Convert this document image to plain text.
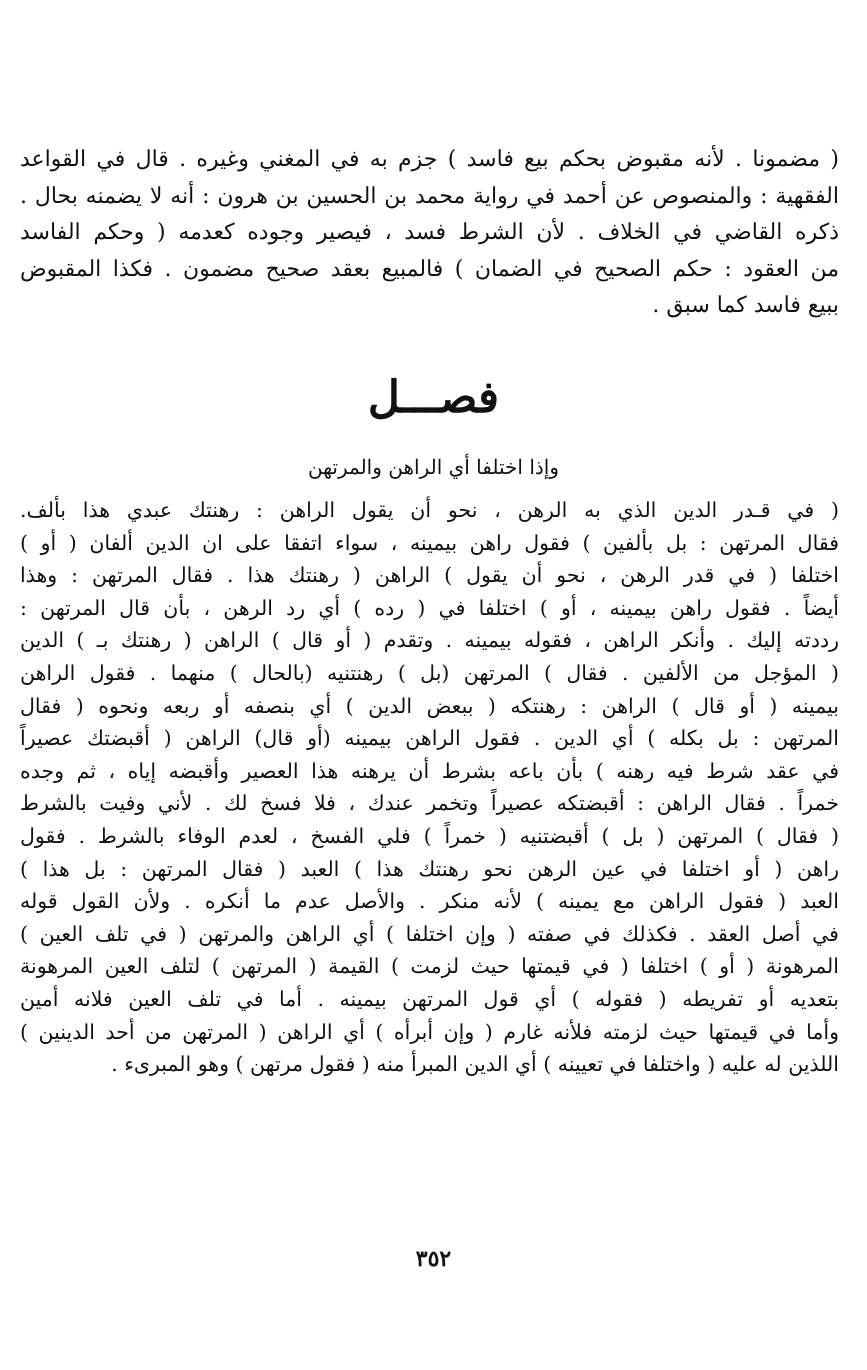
( مضمونا . لأنه مقبوض بحكم بيع فاسد ) جزم به في المغني وغيره . قال في القواعد
الفقهية : والمنصوص عن أحمد في رواية محمد بن الحسين بن هرون : أنه لا يضمنه بحال .
ذكره القاضي في الخلاف . لأن الشرط فسد ، فيصير وجوده كعدمه ( وحكم الفاسد
من العقود : حكم الصحيح في الضمان ) فالمبيع بعقد صحيح مضمون . فكذا المقبوض
ببيع فاسد كما سبق .
فصـــل
وإذا اختلفا أي الراهن والمرتهن
( في قـدر الدين الذي به الرهن ، نحو أن يقول الراهن : رهنتك عبدي هذا بألف.
فقال المرتهن : بل بألفين ) فقول راهن بيمينه ، سواء اتفقا على ان الدين ألفان ( أو )
اختلفا ( في قدر الرهن ، نحو أن يقول ) الراهن ( رهنتك هذا . فقال المرتهن : وهذا
أيضاً . فقول راهن بيمينه ، أو ) اختلفا في ( رده ) أي رد الرهن ، بأن قال المرتهن :
رددته إليك . وأنكر الراهن ، فقوله بيمينه . وتقدم ( أو قال ) الراهن ( رهنتك بـ ) الدين
( المؤجل من الألفين . فقال ) المرتهن (بل ) رهنتنيه (بالحال ) منهما . فقول الراهن
بيمينه ( أو قال ) الراهن : رهنتكه ( ببعض الدين ) أي بنصفه أو ربعه ونحوه ( فقال
المرتهن : بل بكله ) أي الدين . فقول الراهن بيمينه (أو قال) الراهن ( أقبضتك عصيراً
في عقد شرط فيه رهنه ) بأن باعه بشرط أن يرهنه هذا العصير وأقبضه إياه ، ثم وجده
خمراً . فقال الراهن : أقبضتكه عصيراً وتخمر عندك ، فلا فسخ لك . لأني وفيت بالشرط
( فقال ) المرتهن ( بل ) أقبضتنيه ( خمراً ) فلي الفسخ ، لعدم الوفاء بالشرط . فقول
راهن ( أو اختلفا في عين الرهن نحو رهنتك هذا ) العبد ( فقال المرتهن : بل هذا )
العبد ( فقول الراهن مع يمينه ) لأنه منكر . والأصل عدم ما أنكره . ولأن القول قوله
في أصل العقد . فكذلك في صفته ( وإن اختلفا ) أي الراهن والمرتهن ( في تلف العين )
المرهونة ( أو ) اختلفا ( في قيمتها حيث لزمت ) القيمة ( المرتهن ) لتلف العين المرهونة
بتعديه أو تفريطه ( فقوله ) أي قول المرتهن بيمينه . أما في تلف العين فلانه أمين
وأما في قيمتها حيث لزمته فلأنه غارم ( وإن أبرأه ) أي الراهن ( المرتهن من أحد الدينين )
اللذين له عليه ( واختلفا في تعيينه ) أي الدين المبرأ منه ( فقول مرتهن ) وهو المبرىء .
٣٥٢
